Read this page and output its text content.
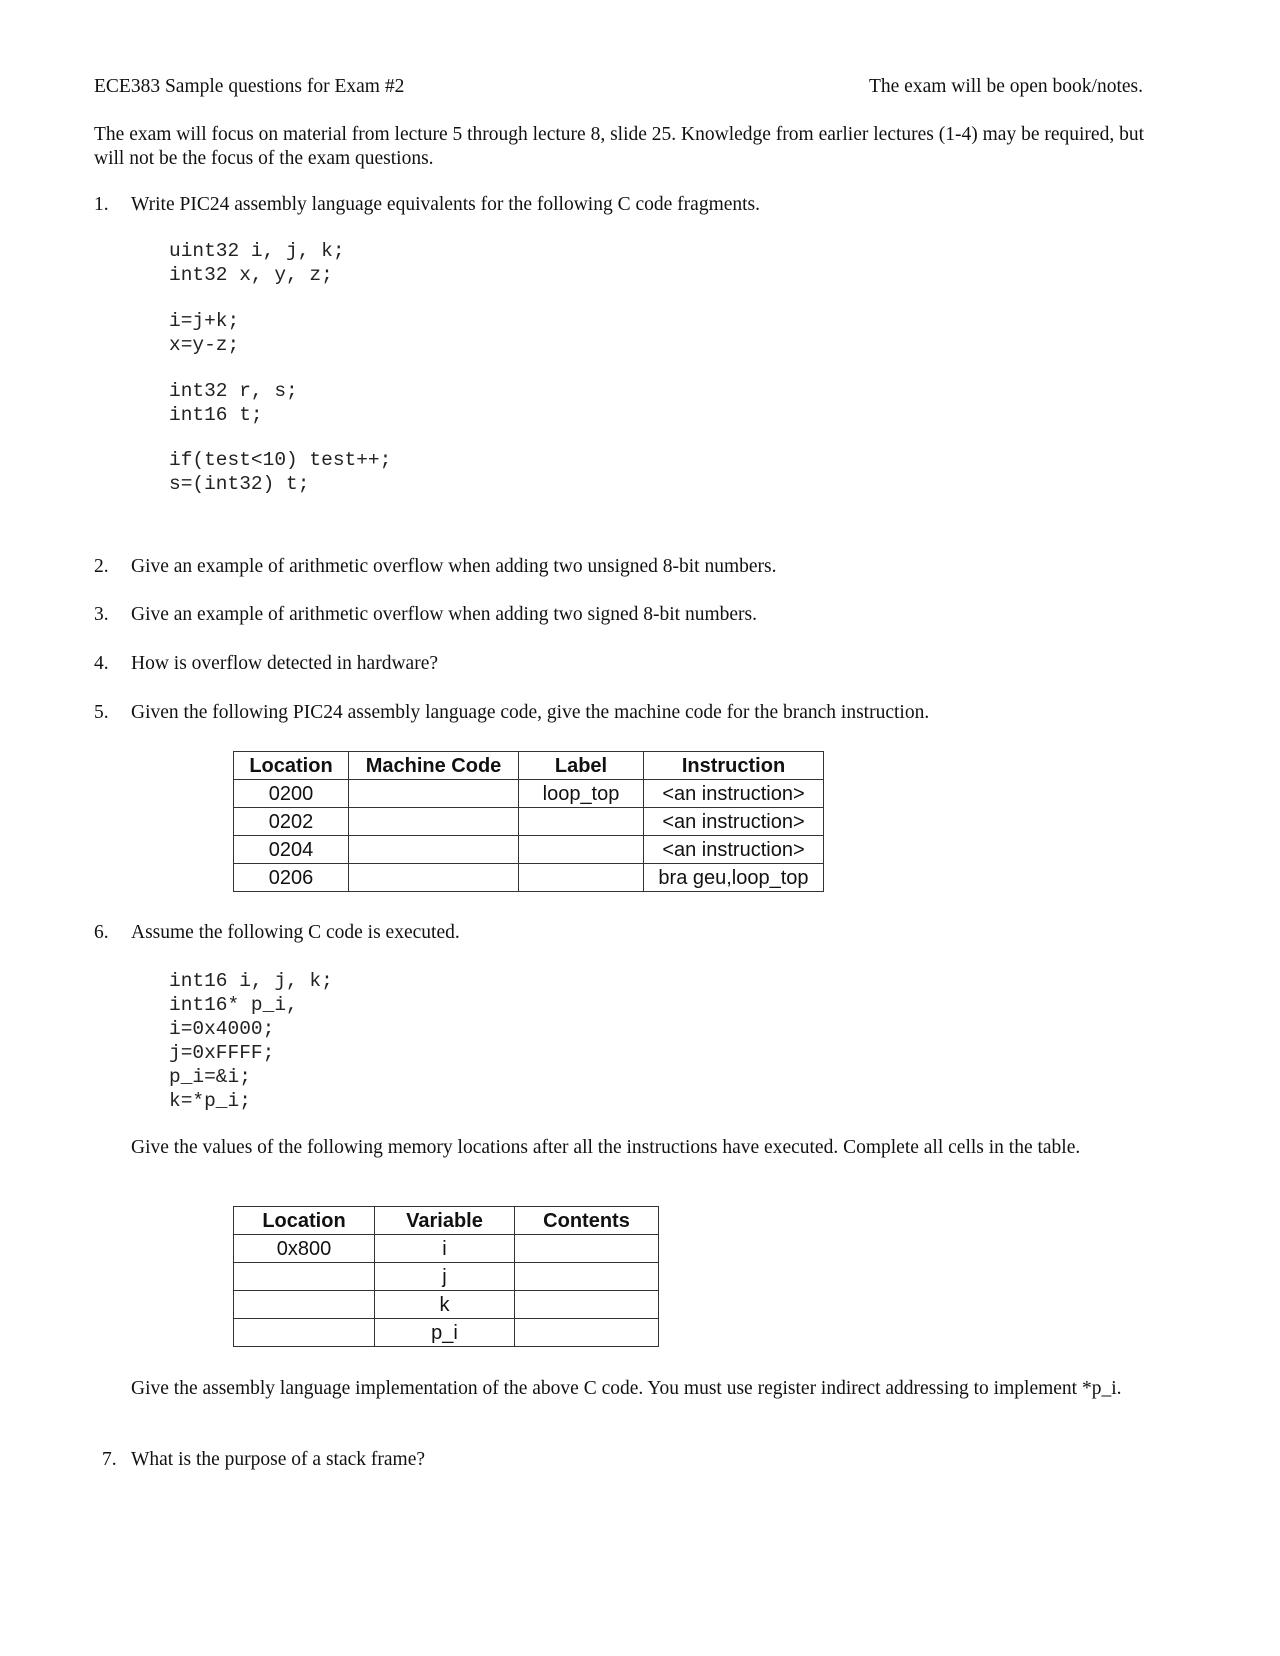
ECE383 Sample questions for Exam #2	The exam will be open book/notes.
The exam will focus on material from lecture 5 through lecture 8, slide 25. Knowledge from earlier lectures (1-4) may be required, but will not be the focus of the exam questions.
1. Write PIC24 assembly language equivalents for the following C code fragments.
uint32 i, j, k;
int32 x, y, z;
i=j+k;
x=y-z;
int32 r, s;
int16 t;
if(test<10) test++;
s=(int32) t;
2. Give an example of arithmetic overflow when adding two unsigned 8-bit numbers.
3. Give an example of arithmetic overflow when adding two signed 8-bit numbers.
4. How is overflow detected in hardware?
5. Given the following PIC24 assembly language code, give the machine code for the branch instruction.
Location	Machine Code	Label	Instruction
0200		loop_top	<an instruction>
0202			<an instruction>
0204			<an instruction>
0206			bra geu,loop_top
6. Assume the following C code is executed.
int16 i, j, k;
int16* p_i,
i=0x4000;
j=0xFFFF;
p_i=&i;
k=*p_i;
Give the values of the following memory locations after all the instructions have executed. Complete all cells in the table.
Location	Variable	Contents
0x800	i	
	j	
	k	
	p_i	
Give the assembly language implementation of the above C code. You must use register indirect addressing to implement *p_i.
7. What is the purpose of a stack frame?
